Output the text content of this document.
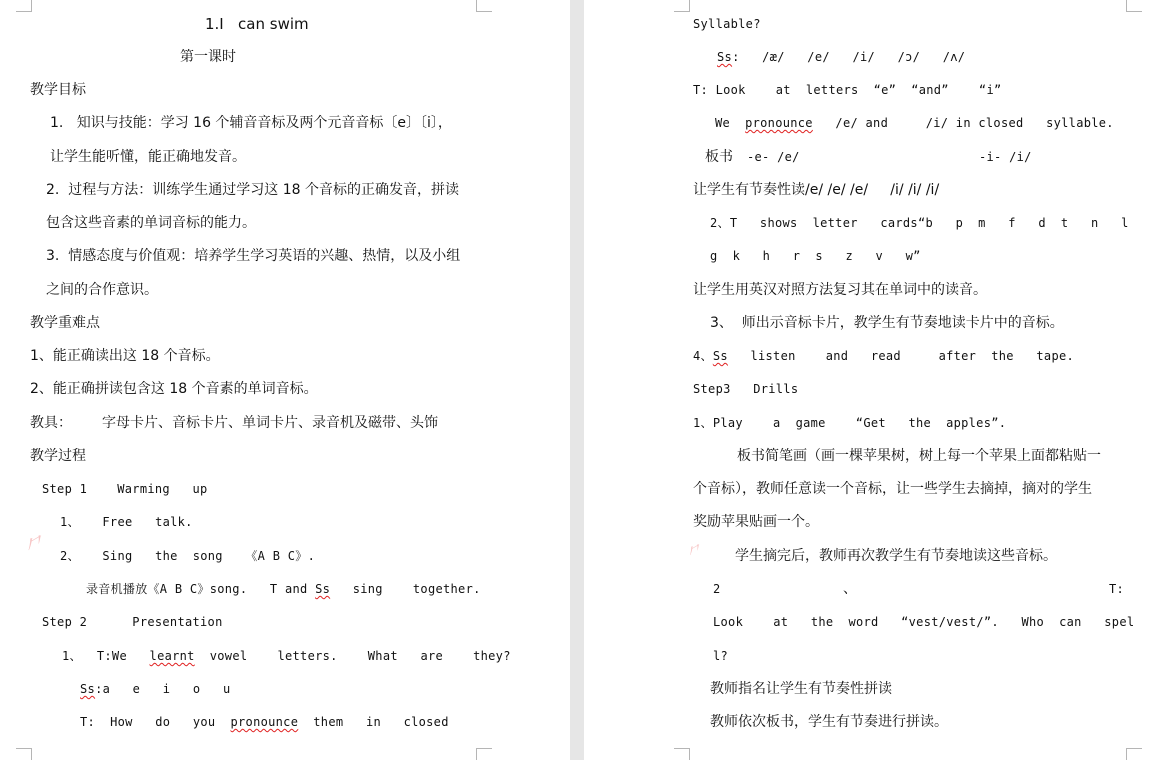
1.I   can swim
第一课时
教学目标
1.   知识与技能：学习 16 个辅音音标及两个元音音标〔e〕〔i〕，
让学生能听懂，能正确地发音。
2.  过程与方法：训练学生通过学习这 18 个音标的正确发音，拼读
包含这些音素的单词音标的能力。
3.  情感态度与价值观：培养学生学习英语的兴趣、热情，以及小组
之间的合作意识。
教学重难点
1、能正确读出这 18 个音标。
2、能正确拼读包含这 18 个音素的单词音标。
教具： 字母卡片、音标卡片、单词卡片、录音机及磁带、头饰
教学过程
Step 1    Warming   up
1、   Free   talk.
2、   Sing   the  song   《A B C》.
录音机播放《A B C》song.   T and Ss   sing    together.
Step 2      Presentation
1、  T:We   learnt  vowel    letters.    What   are    they?
Ss:a   e   i   o   u
T:  How   do   you  pronounce  them   in   closed
⺈
Syllable?
Ss:   /æ/   /e/   /i/   /ɔ/   /ʌ/
T: Look    at  letters  “e”  “and”    “i”
We  pronounce   /e/ and     /i/ in closed   syllable.
板书 -e- /e/	-i- /i/
让学生有节奏性读/e/ /e/ /e/     /i/ /i/ /i/
2、T   shows  letter   cards“b   p  m   f   d  t   n   l
g  k   h   r  s   z   v   w”
让学生用英汉对照方法复习其在单词中的读音。
3、  师出示音标卡片，教学生有节奏地读卡片中的音标。
4、Ss   listen    and   read     after  the   tape.
Step3   Drills
1、Play    a  game    “Get   the  apples”.
板书简笔画（画一棵苹果树，树上每一个苹果上面都粘贴一
个音标），教师任意读一个音标，让一些学生去摘掉，摘对的学生
奖励苹果贴画一个。
学生摘完后，教师再次教学生有节奏地读这些音标。
2	、	T:
Look    at   the  word   “vest/vest/”.   Who  can   spel
l?
教师指名让学生有节奏性拼读
教师依次板书，学生有节奏进行拼读。
⺈
